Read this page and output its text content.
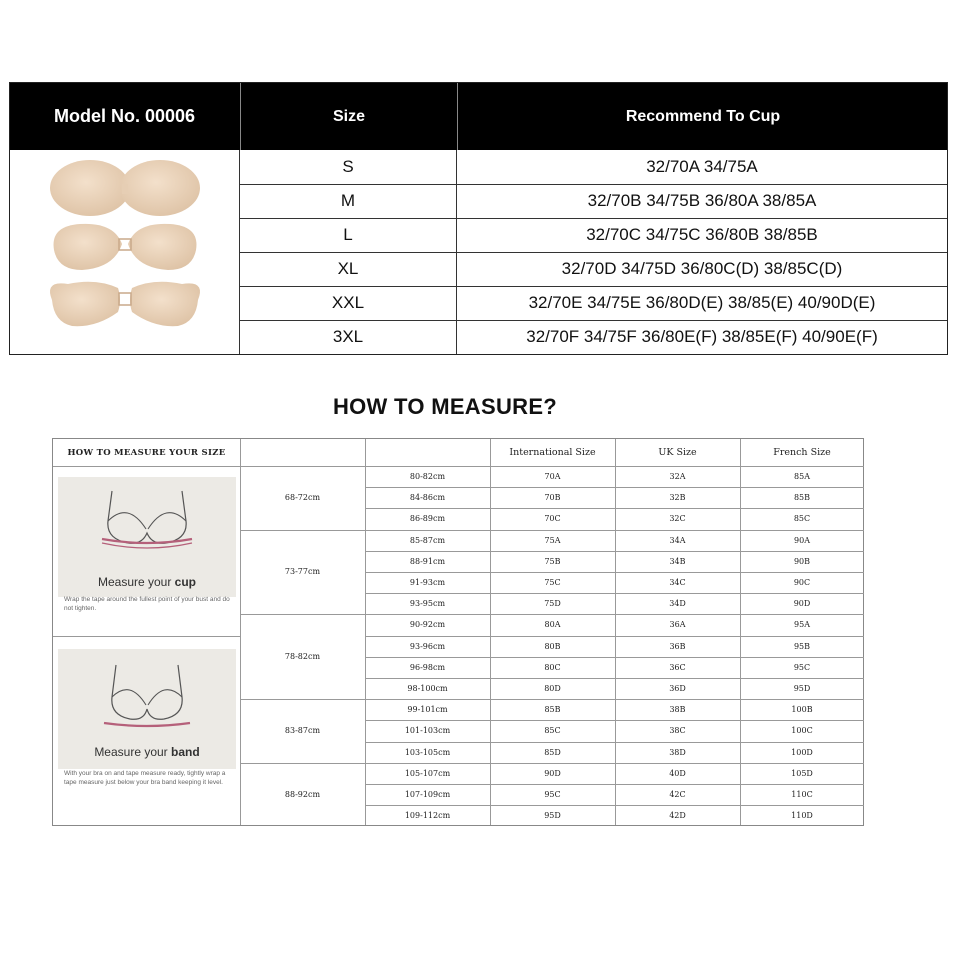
Model No. 00006	Size	Recommend To Cup
S	32/70A 34/75A
M	32/70B 34/75B 36/80A 38/85A
L	32/70C 34/75C 36/80B 38/85B
XL	32/70D 34/75D 36/80C(D) 38/85C(D)
XXL	32/70E 34/75E 36/80D(E) 38/85(E) 40/90D(E)
3XL	32/70F 34/75F 36/80E(F) 38/85E(F) 40/90E(F)
HOW TO MEASURE?
HOW TO MEASURE YOUR SIZE	International Size	UK Size	French Size
Measure your cup
Wrap the tape around the fullest point of your bust and do not tighten.
Measure your band
With your bra on and tape measure ready, tightly wrap a tape measure just below your bra band keeping it level.
68-72cm
80-82cm	70A	32A	85A
84-86cm	70B	32B	85B
86-89cm	70C	32C	85C
73-77cm
85-87cm	75A	34A	90A
88-91cm	75B	34B	90B
91-93cm	75C	34C	90C
93-95cm	75D	34D	90D
78-82cm
90-92cm	80A	36A	95A
93-96cm	80B	36B	95B
96-98cm	80C	36C	95C
98-100cm	80D	36D	95D
83-87cm
99-101cm	85B	38B	100B
101-103cm	85C	38C	100C
103-105cm	85D	38D	100D
88-92cm
105-107cm	90D	40D	105D
107-109cm	95C	42C	110C
109-112cm	95D	42D	110D
